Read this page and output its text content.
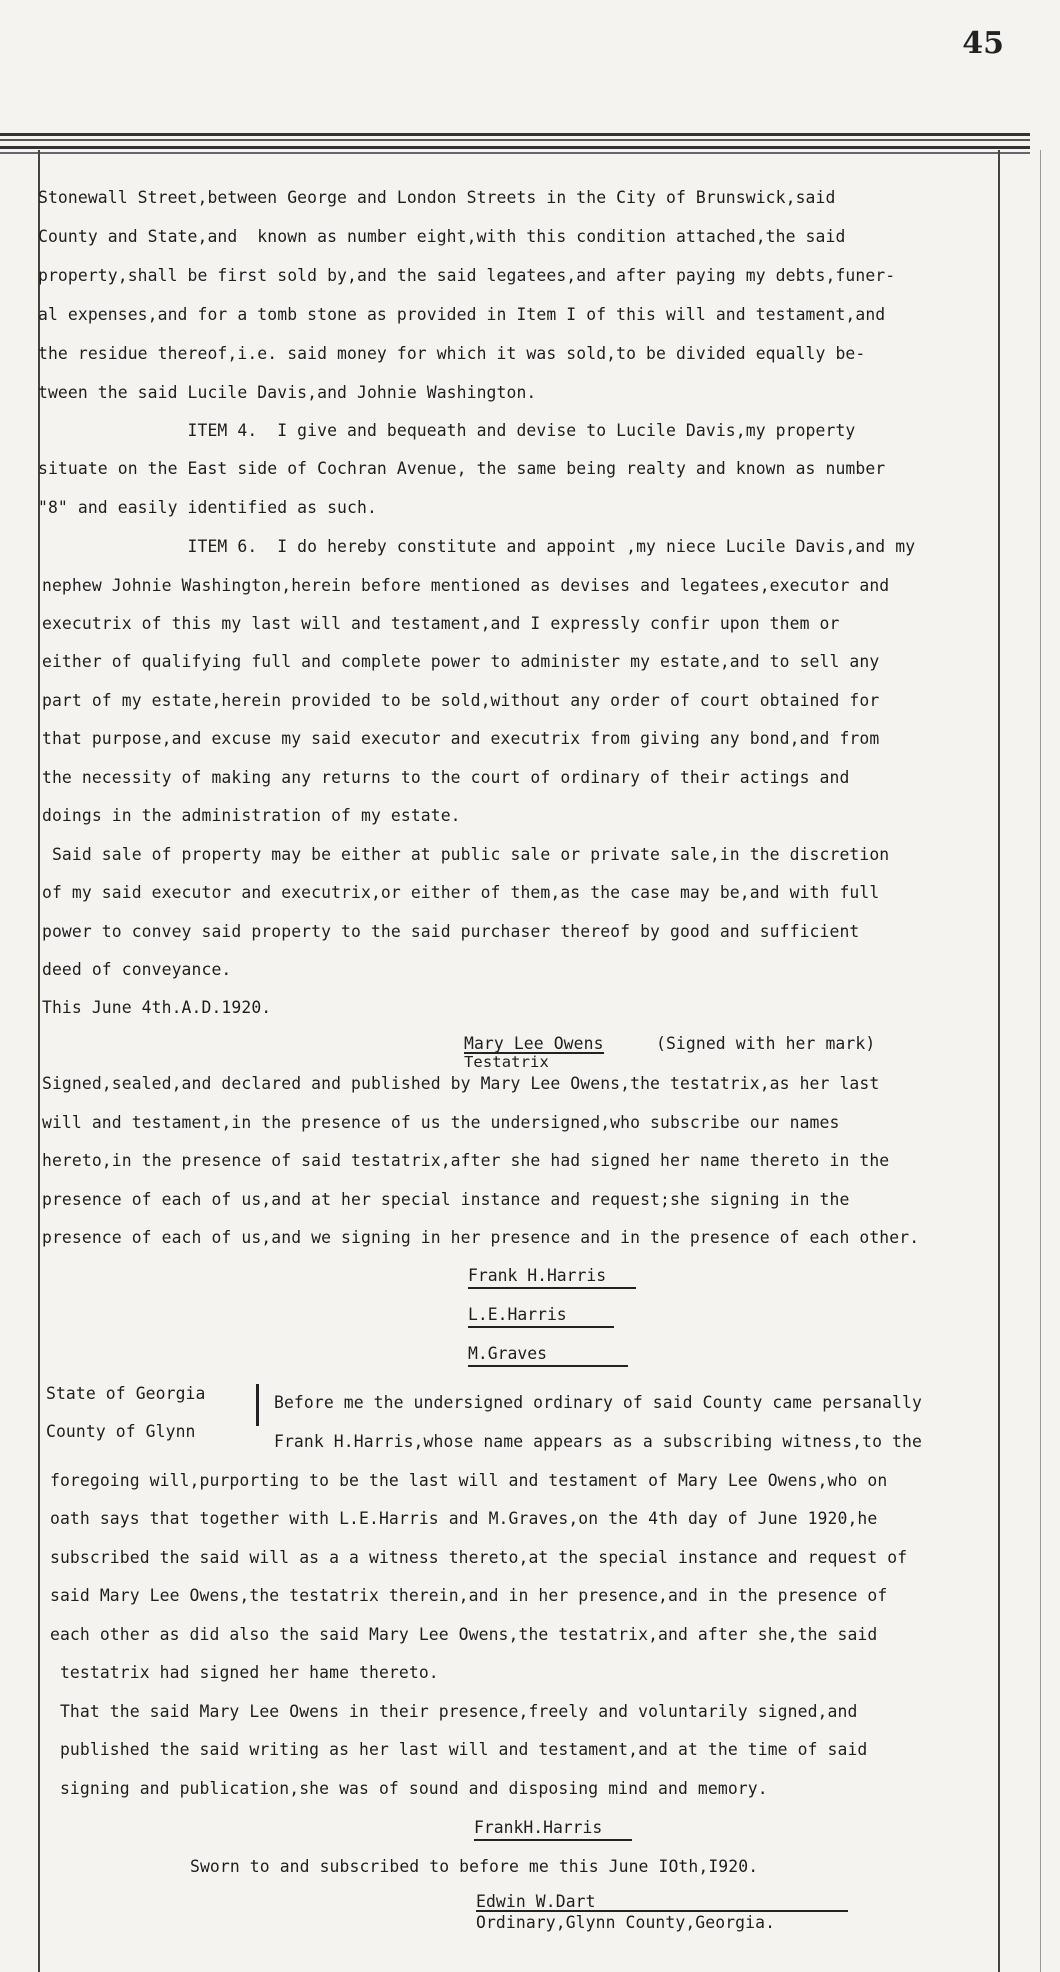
45
Stonewall Street,between George and London Streets in the City of Brunswick,said
County and State,and  known as number eight,with this condition attached,the said
property,shall be first sold by,and the said legatees,and after paying my debts,funer-
al expenses,and for a tomb stone as provided in Item I of this will and testament,and
the residue thereof,i.e. said money for which it was sold,to be divided equally be-
tween the said Lucile Davis,and Johnie Washington.
ITEM 4.  I give and bequeath and devise to Lucile Davis,my property
situate on the East side of Cochran Avenue, the same being realty and known as number
"8" and easily identified as such.
ITEM 6.  I do hereby constitute and appoint ,my niece Lucile Davis,and my
nephew Johnie Washington,herein before mentioned as devises and legatees,executor and
executrix of this my last will and testament,and I expressly confir upon them or
either of qualifying full and complete power to administer my estate,and to sell any
part of my estate,herein provided to be sold,without any order of court obtained for
that purpose,and excuse my said executor and executrix from giving any bond,and from
the necessity of making any returns to the court of ordinary of their actings and
doings in the administration of my estate.
Said sale of property may be either at public sale or private sale,in the discretion
of my said executor and executrix,or either of them,as the case may be,and with full
power to convey said property to the said purchaser thereof by good and sufficient
deed of conveyance.
This June 4th.A.D.1920.
Mary Lee Owens	(Signed with her mark)
Testatrix
Signed,sealed,and declared and published by Mary Lee Owens,the testatrix,as her last
will and testament,in the presence of us the undersigned,who subscribe our names
hereto,in the presence of said testatrix,after she had signed her name thereto in the
presence of each of us,and at her special instance and request;she signing in the
presence of each of us,and we signing in her presence and in the presence of each other.
Frank H.Harris
L.E.Harris
M.Graves
State of Georgia
County of Glynn
Before me the undersigned ordinary of said County came persanally
Frank H.Harris,whose name appears as a subscribing witness,to the
foregoing will,purporting to be the last will and testament of Mary Lee Owens,who on
oath says that together with L.E.Harris and M.Graves,on the 4th day of June 1920,he
subscribed the said will as a a witness thereto,at the special instance and request of
said Mary Lee Owens,the testatrix therein,and in her presence,and in the presence of
each other as did also the said Mary Lee Owens,the testatrix,and after she,the said
testatrix had signed her hame thereto.
That the said Mary Lee Owens in their presence,freely and voluntarily signed,and
published the said writing as her last will and testament,and at the time of said
signing and publication,she was of sound and disposing mind and memory.
FrankH.Harris
Sworn to and subscribed to before me this June IOth,I920.
Edwin W.Dart
Ordinary,Glynn County,Georgia.
